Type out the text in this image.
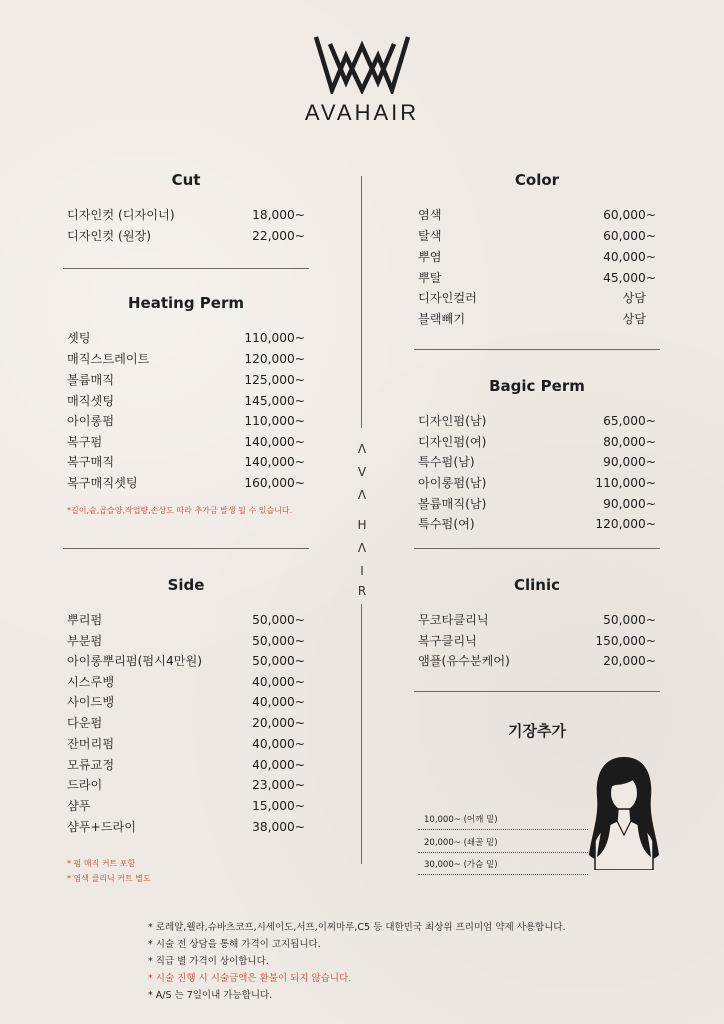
AVAHAIR
Λ
V
Λ
H
Λ
I
R
Cut
디자인컷 (디자이너)	18,000~
디자인컷 (원장)	22,000~
Heating Perm
셋팅	110,000~
매직스트레이트	120,000~
볼륨매직	125,000~
매직셋팅	145,000~
아이롱펌	110,000~
복구펌	140,000~
복구매직	140,000~
복구매직셋팅	160,000~
*길이,숱,곱슬양,작업량,손상도 따라 추가금 발생 될 수 있습니다.
Side
뿌리펌	50,000~
부분펌	50,000~
아이롱뿌리펌(펌시4만원)	50,000~
시스루뱅	40,000~
사이드뱅	40,000~
다운펌	20,000~
잔머리펌	40,000~
모류교정	40,000~
드라이	23,000~
샴푸	15,000~
샴푸+드라이	38,000~
* 펌 매직 커트 포함
* 염색 클리닉 커트 별도
Color
염색	60,000~
탈색	60,000~
뿌염	40,000~
뿌탈	45,000~
디자인컬러	상담
블랙빼기	상담
Bagic Perm
디자인펌(남)	65,000~
디자인펌(여)	80,000~
특수펌(남)	90,000~
아이롱펌(남)	110,000~
볼륨매직(남)	90,000~
특수펌(여)	120,000~
Clinic
무코타클리닉	50,000~
복구클리닉	150,000~
앰플(유수분케어)	20,000~
기장추가
10,000~ (어깨 밑)
20,000~ (쇄골 밑)
30,000~ (가슴 밑)
* 로레알,웰라,슈바츠코프,시세이도,서프,이찌마루,C5 등 대한민국 최상위 프리미엄 약제 사용합니다.
* 시술 전 상담을 통해 가격이 고지됩니다.
* 직급 별 가격이 상이합니다.
* 시술 진행 시 시술금액은 환불이 되지 않습니다.
* A/S 는 7일이내 가능합니다.
